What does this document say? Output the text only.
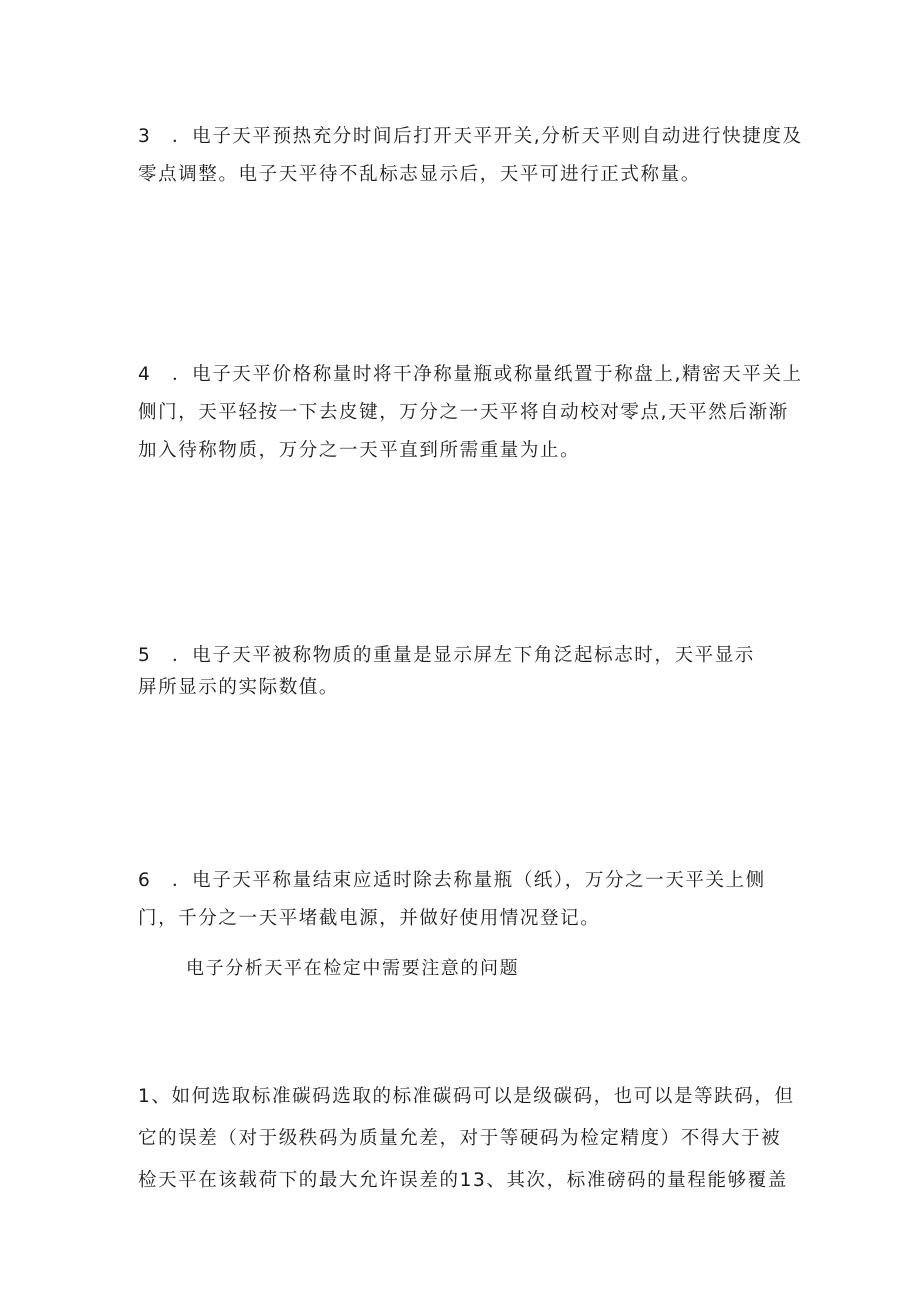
3 ．电子天平预热充分时间后打开天平开关,分析天平则自动进行快捷度及
零点调整。电子天平待不乱标志显示后，天平可进行正式称量。

4 ．电子天平价格称量时将干净称量瓶或称量纸置于称盘上,精密天平关上
侧门，天平轻按一下去皮键，万分之一天平将自动校对零点,天平然后渐渐
加入待称物质，万分之一天平直到所需重量为止。

5 ．电子天平被称物质的重量是显示屏左下角泛起标志时，天平显示
屏所显示的实际数值。

6 ．电子天平称量结束应适时除去称量瓶（纸），万分之一天平关上侧
门，千分之一天平堵截电源，并做好使用情况登记。

电子分析天平在检定中需要注意的问题

1、如何选取标准碳码选取的标准碳码可以是级碳码，也可以是等趺码，但
它的误差（对于级秩码为质量允差，对于等硬码为检定精度）不得大于被
检天平在该载荷下的最大允许误差的13、其次，标准磅码的量程能够覆盖
